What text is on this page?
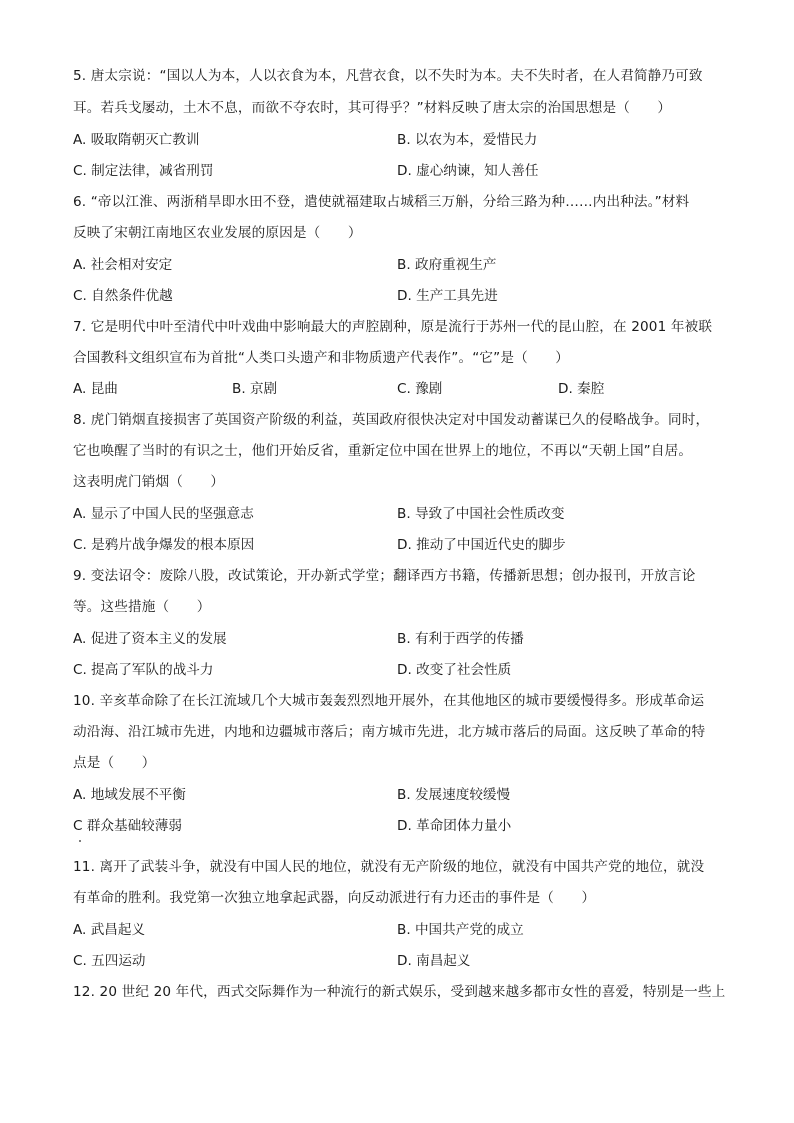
5. 唐太宗说：“国以人为本，人以衣食为本，凡营衣食，以不失时为本。夫不失时者，在人君简静乃可致
耳。若兵戈屡动，土木不息，而欲不夺农时，其可得乎？”材料反映了唐太宗的治国思想是（　　）
A. 吸取隋朝灭亡教训	B. 以农为本，爱惜民力
C. 制定法律，减省刑罚	D. 虚心纳谏，知人善任
6. “帝以江淮、两浙稍旱即水田不登，遣使就福建取占城稻三万斛，分给三路为种……内出种法。”材料
反映了宋朝江南地区农业发展的原因是（　　）
A. 社会相对安定	B. 政府重视生产
C. 自然条件优越	D. 生产工具先进
7. 它是明代中叶至清代中叶戏曲中影响最大的声腔剧种，原是流行于苏州一代的昆山腔，在 2001 年被联
合国教科文组织宣布为首批“人类口头遗产和非物质遗产代表作”。“它”是（　　）
A. 昆曲	B. 京剧	C. 豫剧	D. 秦腔
8. 虎门销烟直接损害了英国资产阶级的利益，英国政府很快决定对中国发动蓄谋已久的侵略战争。同时，
它也唤醒了当时的有识之士，他们开始反省，重新定位中国在世界上的地位，不再以“天朝上国”自居。
这表明虎门销烟（　　）
A. 显示了中国人民的坚强意志	B. 导致了中国社会性质改变
C. 是鸦片战争爆发的根本原因	D. 推动了中国近代史的脚步
9. 变法诏令：废除八股，改试策论，开办新式学堂；翻译西方书籍，传播新思想；创办报刊，开放言论
等。这些措施（　　）
A. 促进了资本主义的发展	B. 有利于西学的传播
C. 提高了军队的战斗力	D. 改变了社会性质
10. 辛亥革命除了在长江流域几个大城市轰轰烈烈地开展外，在其他地区的城市要缓慢得多。形成革命运
动沿海、沿江城市先进，内地和边疆城市落后；南方城市先进，北方城市落后的局面。这反映了革命的特
点是（　　）
A. 地域发展不平衡	B. 发展速度较缓慢
C 群众基础较薄弱	D. 革命团体力量小
11. 离开了武装斗争，就没有中国人民的地位，就没有无产阶级的地位，就没有中国共产党的地位，就没
有革命的胜利。我党第一次独立地拿起武器，向反动派进行有力还击的事件是（　　）
A. 武昌起义	B. 中国共产党的成立
C. 五四运动	D. 南昌起义
12. 20 世纪 20 年代，西式交际舞作为一种流行的新式娱乐，受到越来越多都市女性的喜爱，特别是一些上
